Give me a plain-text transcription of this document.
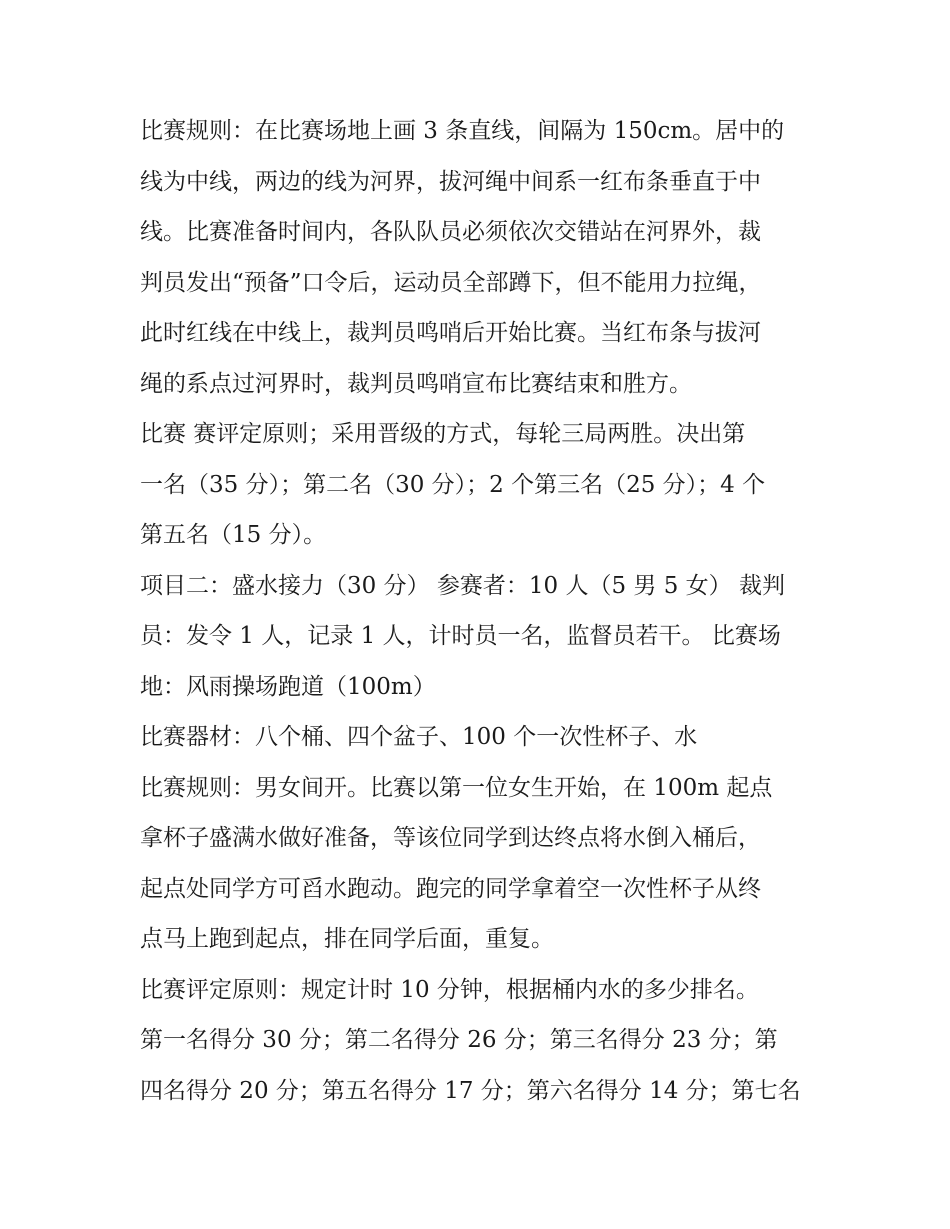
比赛规则：在比赛场地上画 3 条直线，间隔为 150cm。居中的
线为中线，两边的线为河界，拔河绳中间系一红布条垂直于中
线。比赛准备时间内，各队队员必须依次交错站在河界外，裁
判员发出“预备”口令后，运动员全部蹲下，但不能用力拉绳，
此时红线在中线上，裁判员鸣哨后开始比赛。当红布条与拔河
绳的系点过河界时，裁判员鸣哨宣布比赛结束和胜方。
比赛 赛评定原则；采用晋级的方式，每轮三局两胜。决出第
一名（35 分）；第二名（30 分）；2 个第三名（25 分）；4 个
第五名（15 分）。
项目二：盛水接力（30 分） 参赛者：10 人（5 男 5 女） 裁判
员：发令 1 人，记录 1 人，计时员一名，监督员若干。 比赛场
地：风雨操场跑道（100m）
比赛器材：八个桶、四个盆子、100 个一次性杯子、水
比赛规则：男女间开。比赛以第一位女生开始，在 100m 起点
拿杯子盛满水做好准备，等该位同学到达终点将水倒入桶后，
起点处同学方可舀水跑动。跑完的同学拿着空一次性杯子从终
点马上跑到起点，排在同学后面，重复。
比赛评定原则：规定计时 10 分钟，根据桶内水的多少排名。
第一名得分 30 分；第二名得分 26 分；第三名得分 23 分；第
四名得分 20 分；第五名得分 17 分；第六名得分 14 分；第七名
